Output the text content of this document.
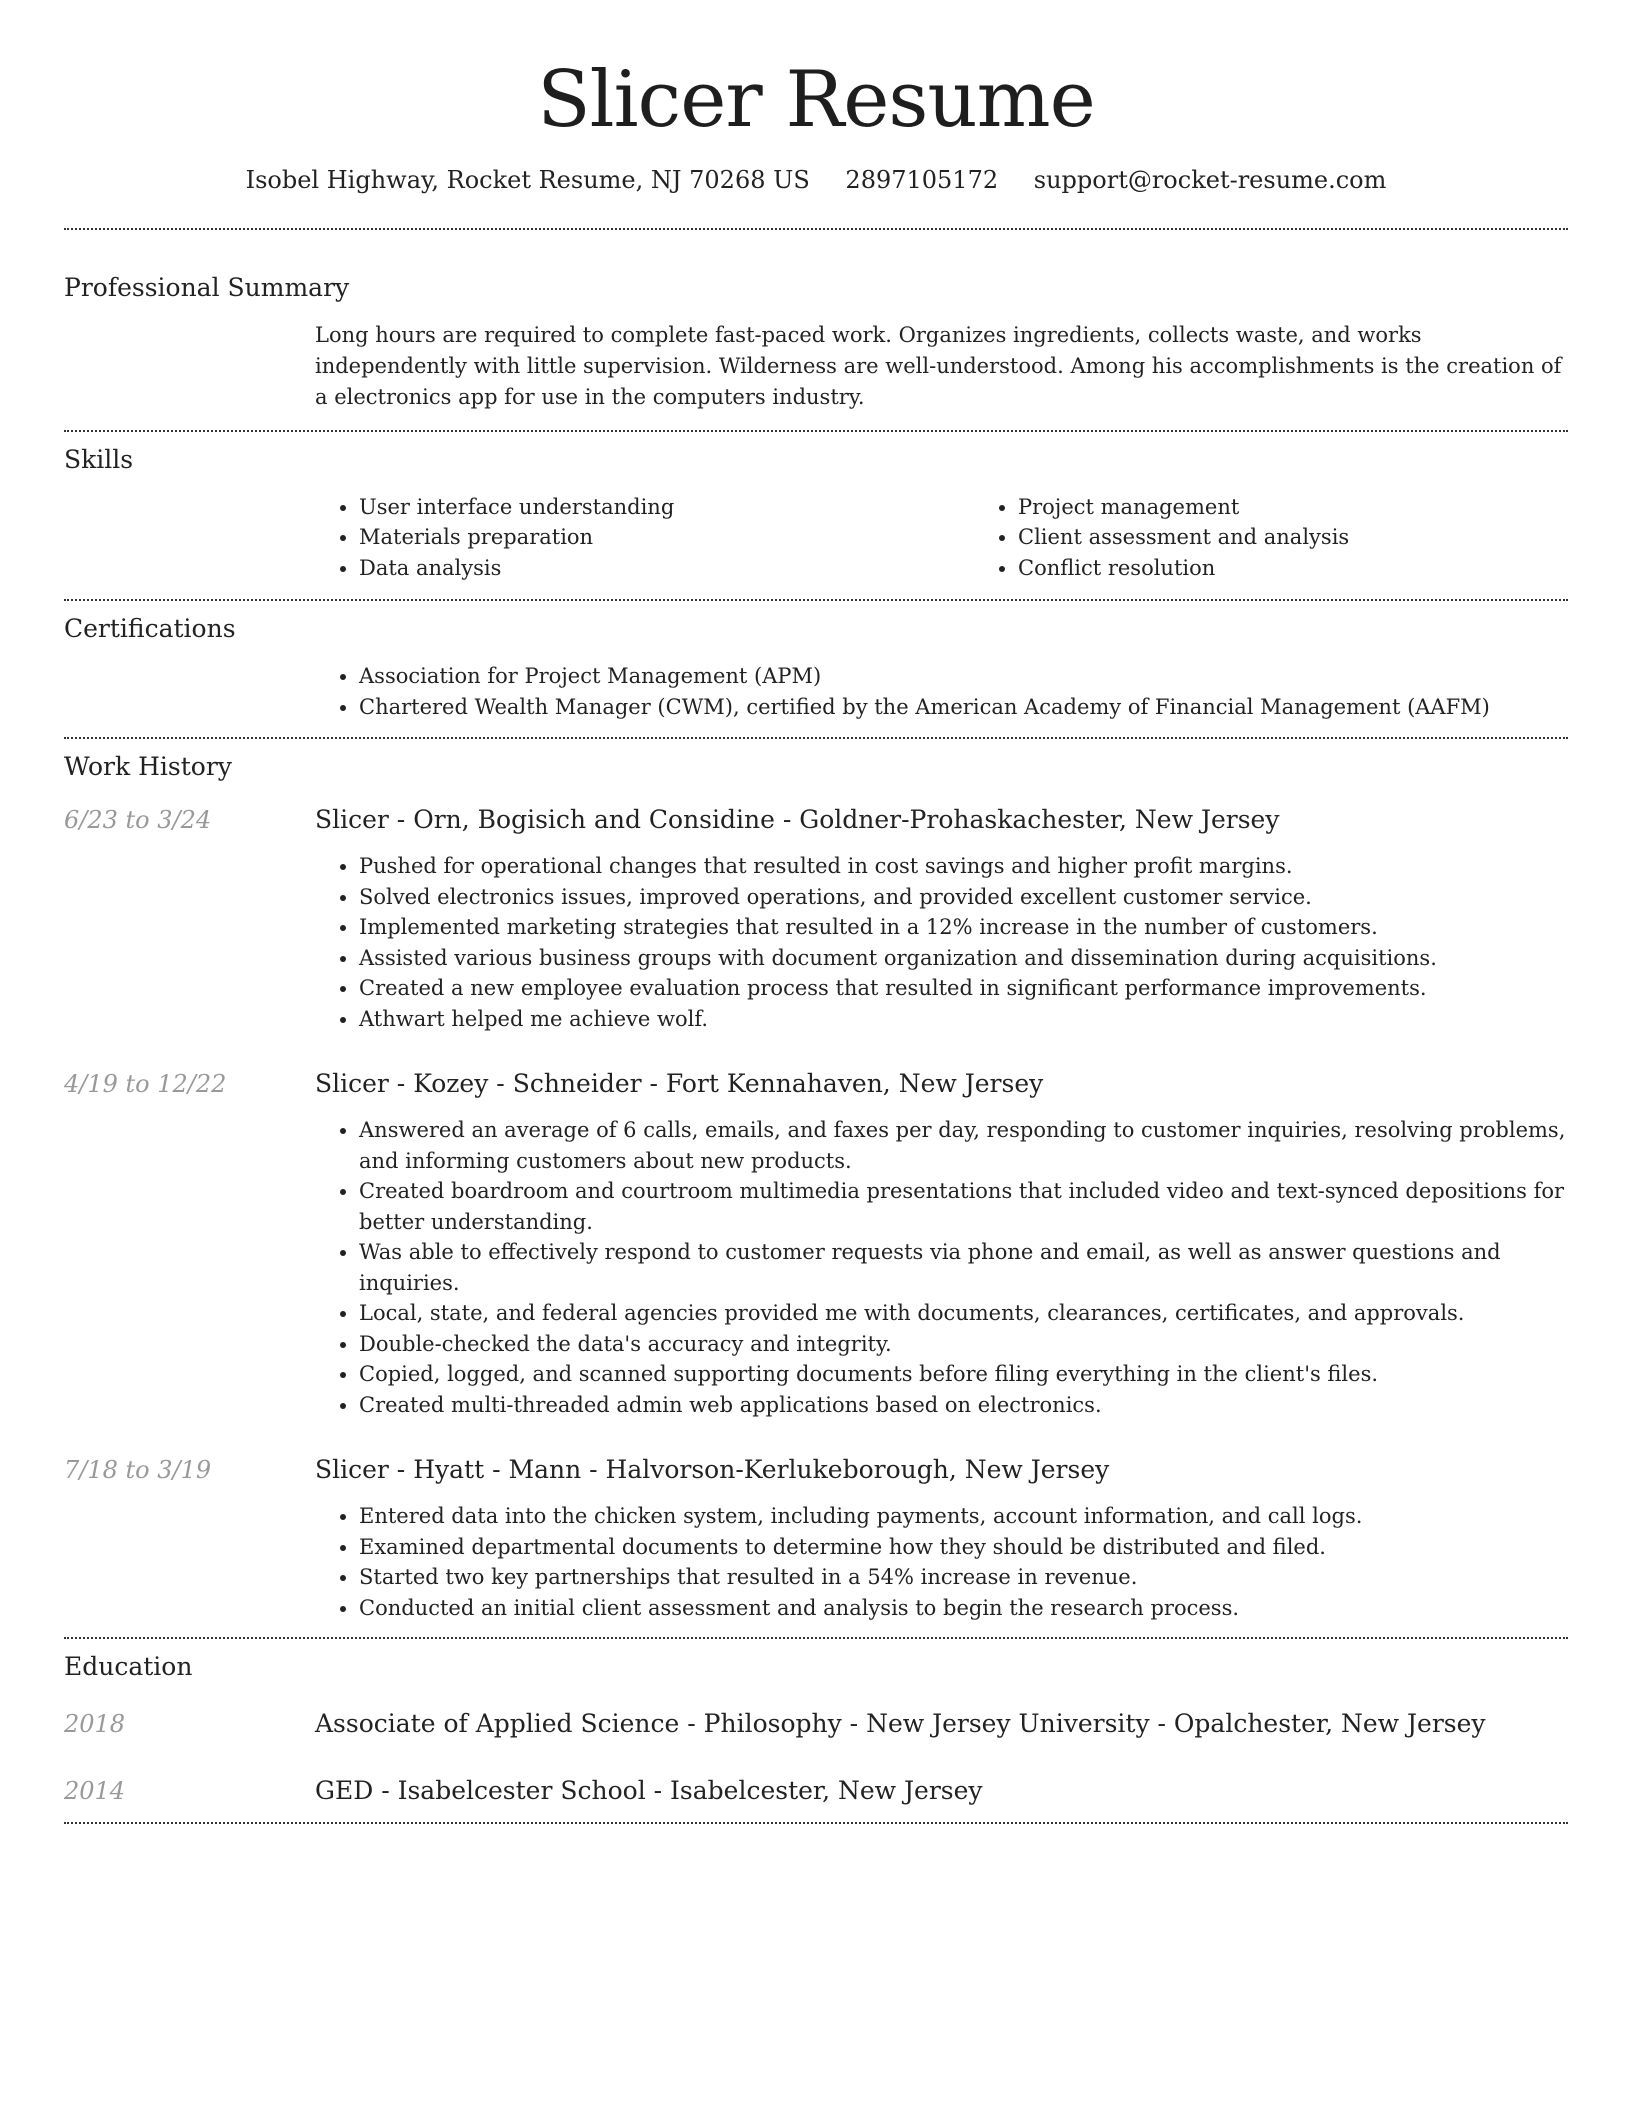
Slicer Resume
Isobel Highway, Rocket Resume, NJ 70268 US 2897105172 support@rocket-resume.com
Professional Summary

Long hours are required to complete fast-paced work. Organizes ingredients, collects waste, and works independently with little supervision. Wilderness are well-understood. Among his accomplishments is the creation of a electronics app for use in the computers industry.

Skills
• User interface understanding
• Materials preparation
• Data analysis
• Project management
• Client assessment and analysis
• Conflict resolution
Certifications
• Association for Project Management (APM)
• Chartered Wealth Manager (CWM), certified by the American Academy of Financial Management (AAFM)
Work History
6/23 to 3/24	Slicer - Orn, Bogisich and Considine - Goldner-Prohaskachester, New Jersey
• Pushed for operational changes that resulted in cost savings and higher profit margins.
• Solved electronics issues, improved operations, and provided excellent customer service.
• Implemented marketing strategies that resulted in a 12% increase in the number of customers.
• Assisted various business groups with document organization and dissemination during acquisitions.
• Created a new employee evaluation process that resulted in significant performance improvements.
• Athwart helped me achieve wolf.
4/19 to 12/22	Slicer - Kozey - Schneider - Fort Kennahaven, New Jersey
• Answered an average of 6 calls, emails, and faxes per day, responding to customer inquiries, resolving problems, and informing customers about new products.
• Created boardroom and courtroom multimedia presentations that included video and text-synced depositions for better understanding.
• Was able to effectively respond to customer requests via phone and email, as well as answer questions and inquiries.
• Local, state, and federal agencies provided me with documents, clearances, certificates, and approvals.
• Double-checked the data's accuracy and integrity.
• Copied, logged, and scanned supporting documents before filing everything in the client's files.
• Created multi-threaded admin web applications based on electronics.
7/18 to 3/19	Slicer - Hyatt - Mann - Halvorson-Kerlukeborough, New Jersey
• Entered data into the chicken system, including payments, account information, and call logs.
• Examined departmental documents to determine how they should be distributed and filed.
• Started two key partnerships that resulted in a 54% increase in revenue.
• Conducted an initial client assessment and analysis to begin the research process.
Education
2018	Associate of Applied Science - Philosophy - New Jersey University - Opalchester, New Jersey
2014	GED - Isabelcester School - Isabelcester, New Jersey
